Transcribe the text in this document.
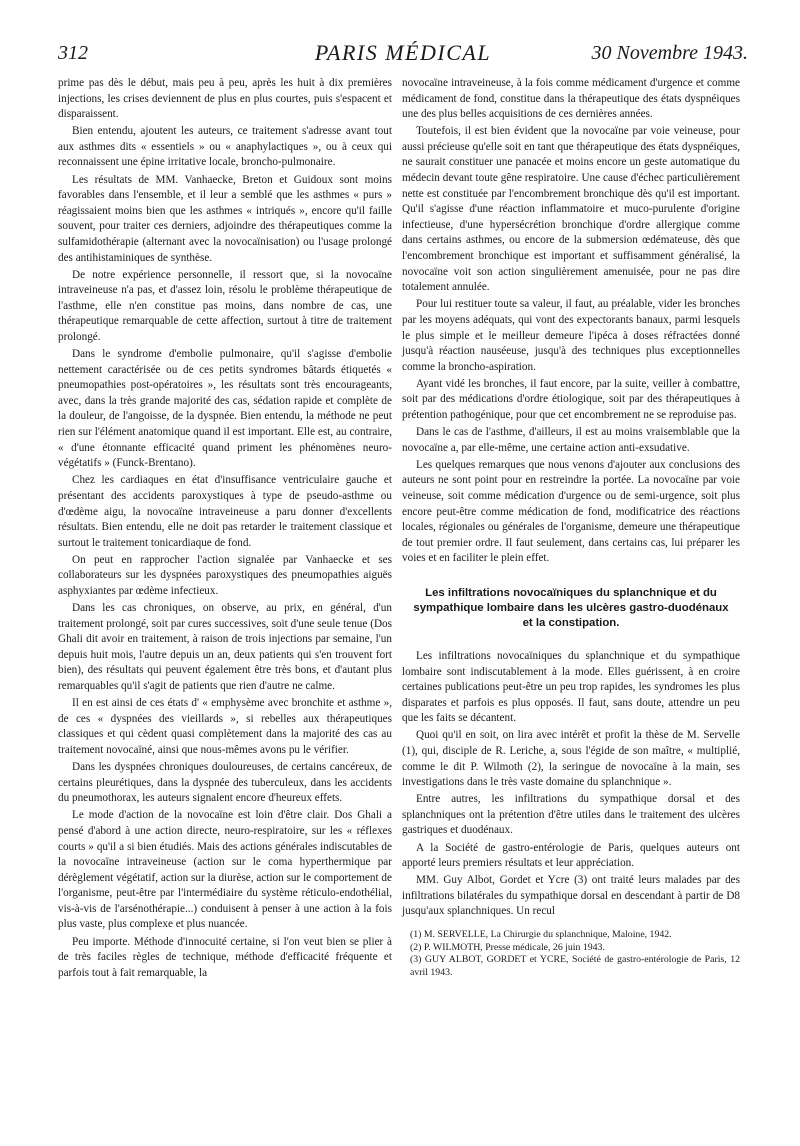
312	PARIS MÉDICAL	30 Novembre 1943.

prime pas dès le début, mais peu à peu, après les huit à dix premières injections, les crises deviennent de plus en plus courtes, puis s'espacent et disparaissent.

Bien entendu, ajoutent les auteurs, ce traitement s'adresse avant tout aux asthmes dits « essentiels » ou « anaphylactiques », ou à ceux qui reconnaissent une épine irritative locale, broncho-pulmonaire.

Les résultats de MM. Vanhaecke, Breton et Guidoux sont moins favorables dans l'ensemble, et il leur a semblé que les asthmes « purs » réagissaient moins bien que les asthmes « intriqués », encore qu'il faille souvent, pour traiter ces derniers, adjoindre des thérapeutiques comme la sulfamidothérapie (alternant avec la novocaïnisation) ou l'usage prolongé des antihistaminiques de synthèse.

De notre expérience personnelle, il ressort que, si la novocaïne intraveineuse n'a pas, et d'assez loin, résolu le problème thérapeutique de l'asthme, elle n'en constitue pas moins, dans nombre de cas, une thérapeutique remarquable de cette affection, surtout à titre de traitement prolongé.

Dans le syndrome d'embolie pulmonaire, qu'il s'agisse d'embolie nettement caractérisée ou de ces petits syndromes bâtards étiquetés « pneumopathies post-opératoires », les résultats sont très encourageants, avec, dans la très grande majorité des cas, sédation rapide et complète de la douleur, de l'angoisse, de la dyspnée. Bien entendu, la méthode ne peut rien sur l'élément anatomique quand il est important. Elle est, au contraire, « d'une étonnante efficacité quand priment les phénomènes neuro-végétatifs » (Funck-Brentano).

Chez les cardiaques en état d'insuffisance ventriculaire gauche et présentant des accidents paroxystiques à type de pseudo-asthme ou d'œdème aigu, la novocaïne intraveineuse a paru donner d'excellents résultats. Bien entendu, elle ne doit pas retarder le traitement classique et surtout le traitement tonicardiaque de fond.

On peut en rapprocher l'action signalée par Vanhaecke et ses collaborateurs sur les dyspnées paroxystiques des pneumopathies aiguës asphyxiantes par œdème infectieux.

Dans les cas chroniques, on observe, au prix, en général, d'un traitement prolongé, soit par cures successives, soit d'une seule tenue (Dos Ghali dit avoir en traitement, à raison de trois injections par semaine, l'un depuis huit mois, l'autre depuis un an, deux patients qui s'en trouvent fort bien), des résultats qui peuvent également être très bons, et d'autant plus remarquables qu'il s'agit de patients que rien d'autre ne calme.

Il en est ainsi de ces états d' « emphysème avec bronchite et asthme », de ces « dyspnées des vieillards », si rebelles aux thérapeutiques classiques et qui cèdent quasi complètement dans la majorité des cas au traitement novocaïné, ainsi que nous-mêmes avons pu le vérifier.

Dans les dyspnées chroniques douloureuses, de certains cancéreux, de certains pleurétiques, dans la dyspnée des tuberculeux, dans les accidents du pneumothorax, les auteurs signalent encore d'heureux effets.

Le mode d'action de la novocaïne est loin d'être clair. Dos Ghali a pensé d'abord à une action directe, neuro-respiratoire, sur les « réflexes courts » qu'il a si bien étudiés. Mais des actions générales indiscutables de la novocaïne intraveineuse (action sur le coma hyperthermique par dérèglement végétatif, action sur la diurèse, action sur le comportement de l'organisme, peut-être par l'intermédiaire du système réticulo-endothélial, vis-à-vis de l'arsénothérapie...) conduisent à penser à une action à la fois plus vaste, plus complexe et plus nuancée.

Peu importe. Méthode d'innocuité certaine, si l'on veut bien se plier à de très faciles règles de technique, méthode d'efficacité fréquente et parfois tout à fait remarquable, la

novocaïne intraveineuse, à la fois comme médicament d'urgence et comme médicament de fond, constitue dans la thérapeutique des états dyspnéiques une des plus belles acquisitions de ces dernières années.

Toutefois, il est bien évident que la novocaïne par voie veineuse, pour aussi précieuse qu'elle soit en tant que thérapeutique des états dyspnéiques, ne saurait constituer une panacée et moins encore un geste automatique du médecin devant toute gêne respiratoire. Une cause d'échec particulièrement nette est constituée par l'encombrement bronchique dès qu'il est important. Qu'il s'agisse d'une réaction inflammatoire et muco-purulente d'origine infectieuse, d'une hypersécrétion bronchique d'ordre allergique comme dans certains asthmes, ou encore de la submersion œdémateuse, dès que l'encombrement bronchique est important et suffisamment généralisé, la novocaïne voit son action singulièrement amenuisée, pour ne pas dire totalement annulée.

Pour lui restituer toute sa valeur, il faut, au préalable, vider les bronches par les moyens adéquats, qui vont des expectorants banaux, parmi lesquels le plus simple et le meilleur demeure l'ipéca à doses réfractées donné jusqu'à réaction nauséeuse, jusqu'à des techniques plus exceptionnelles comme la broncho-aspiration.

Ayant vidé les bronches, il faut encore, par la suite, veiller à combattre, soit par des médications d'ordre étiologique, soit par des thérapeutiques à prétention pathogénique, pour que cet encombrement ne se reproduise pas.

Dans le cas de l'asthme, d'ailleurs, il est au moins vraisemblable que la novocaïne a, par elle-même, une certaine action anti-exsudative.

Les quelques remarques que nous venons d'ajouter aux conclusions des auteurs ne sont point pour en restreindre la portée. La novocaïne par voie veineuse, soit comme médication d'urgence ou de semi-urgence, soit plus encore peut-être comme médication de fond, modificatrice des réactions locales, régionales ou générales de l'organisme, demeure une thérapeutique de tout premier ordre. Il faut seulement, dans certains cas, lui préparer les voies et en faciliter le plein effet.

Les infiltrations novocaïniques du splanchnique et du sympathique lombaire dans les ulcères gastro-duodénaux et la constipation.

Les infiltrations novocaïniques du splanchnique et du sympathique lombaire sont indiscutablement à la mode. Elles guérissent, à en croire certaines publications peut-être un peu trop rapides, les syndromes les plus disparates et parfois es plus opposés. Il faut, sans doute, attendre un peu que les faits se décantent.

Quoi qu'il en soit, on lira avec intérêt et profit la thèse de M. Servelle (1), qui, disciple de R. Leriche, a, sous l'égide de son maître, « multiplié, comme le dit P. Wilmoth (2), la seringue de novocaïne à la main, ses investigations dans le très vaste domaine du splanchnique ».

Entre autres, les infiltrations du sympathique dorsal et des splanchniques ont la prétention d'être utiles dans le traitement des ulcères gastriques et duodénaux.

A la Société de gastro-entérologie de Paris, quelques auteurs ont apporté leurs premiers résultats et leur appréciation.

MM. Guy Albot, Gordet et Ycre (3) ont traité leurs malades par des infiltrations bilatérales du sympathique dorsal en descendant à partir de D8 jusqu'aux splanchniques. Un recul

(1) M. SERVELLE, La Chirurgie du splanchnique, Maloine, 1942.
(2) P. WILMOTH, Presse médicale, 26 juin 1943.
(3) GUY ALBOT, GORDET et YCRE, Société de gastro-entérologie de Paris, 12 avril 1943.
